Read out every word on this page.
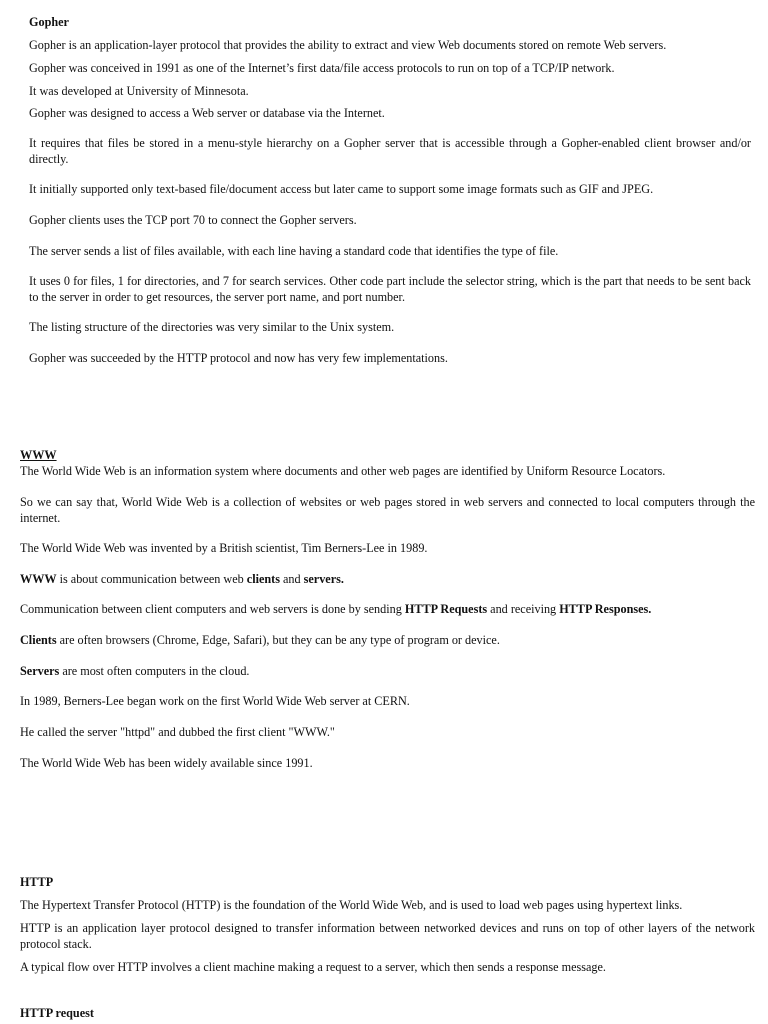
Gopher

Gopher is an application-layer protocol that provides the ability to extract and view Web documents stored on remote Web servers.

Gopher was conceived in 1991 as one of the Internet’s first data/file access protocols to run on top of a TCP/IP network.

It was developed at University of Minnesota.

Gopher was designed to access a Web server or database via the Internet.

It requires that files be stored in a menu-style hierarchy on a Gopher server that is accessible through a Gopher-enabled client browser and/or directly.

It initially supported only text-based file/document access but later came to support some image formats such as GIF and JPEG.

Gopher clients uses the TCP port 70 to connect the Gopher servers.

The server sends a list of files available, with each line having a standard code that identifies the type of file.

It uses 0 for files, 1 for directories, and 7 for search services. Other code part include the selector string, which is the part that needs to be sent back to the server in order to get resources, the server port name, and port number.

The listing structure of the directories was very similar to the Unix system.

Gopher was succeeded by the HTTP protocol and now has very few implementations.

WWW

The World Wide Web is an information system where documents and other web pages are identified by Uniform Resource Locators.

So we can say that, World Wide Web is a collection of websites or web pages stored in web servers and connected to local computers through the internet.

The World Wide Web was invented by a British scientist, Tim Berners-Lee in 1989.

WWW is about communication between web clients and servers.

Communication between client computers and web servers is done by sending HTTP Requests and receiving HTTP Responses.

Clients are often browsers (Chrome, Edge, Safari), but they can be any type of program or device.

Servers are most often computers in the cloud.

In 1989, Berners-Lee began work on the first World Wide Web server at CERN.

He called the server "httpd" and dubbed the first client "WWW."

The World Wide Web has been widely available since 1991.

HTTP

The Hypertext Transfer Protocol (HTTP) is the foundation of the World Wide Web, and is used to load web pages using hypertext links.

HTTP is an application layer protocol designed to transfer information between networked devices and runs on top of other layers of the network protocol stack.

A typical flow over HTTP involves a client machine making a request to a server, which then sends a response message.

HTTP request
